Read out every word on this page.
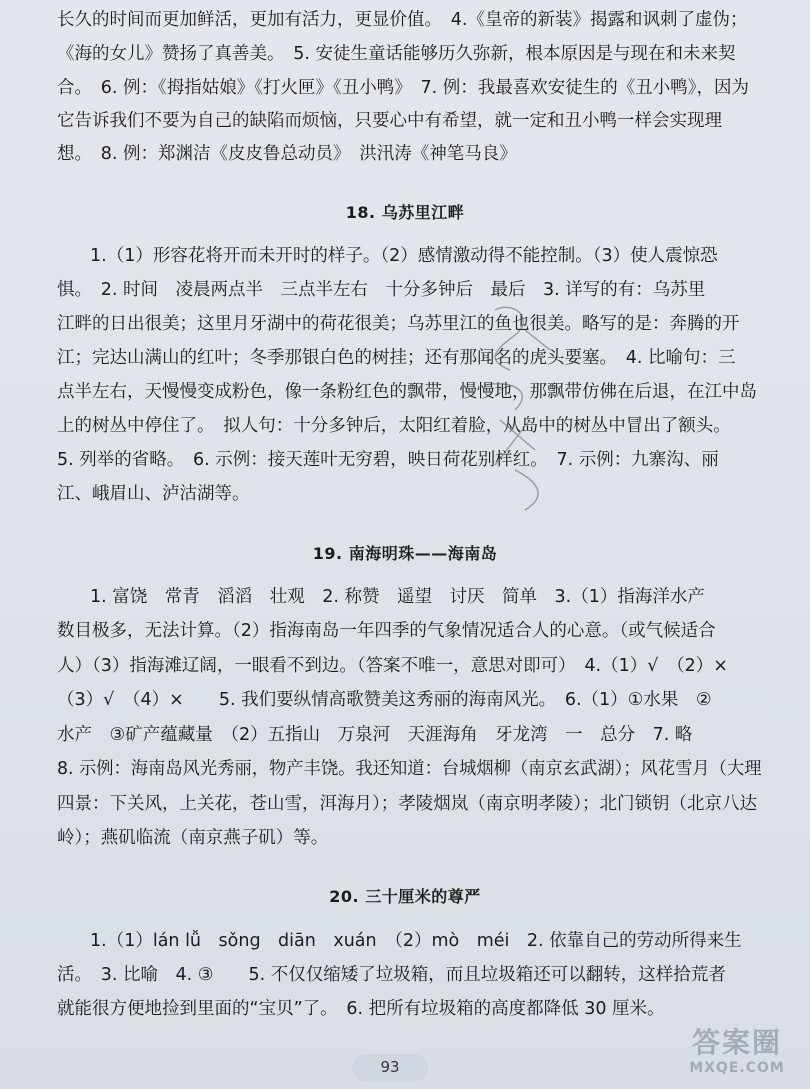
长久的时间而更加鲜活，更加有活力，更显价值。　4.《皇帝的新装》揭露和讽刺了虚伪；
《海的女儿》赞扬了真善美。　5. 安徒生童话能够历久弥新，根本原因是与现在和未来契
合。　6. 例：《拇指姑娘》《打火匣》《丑小鸭》　7. 例：我最喜欢安徒生的《丑小鸭》，因为
它告诉我们不要为自己的缺陷而烦恼，只要心中有希望，就一定和丑小鸭一样会实现理
想。　8. 例：郑渊洁《皮皮鲁总动员》　洪汛涛《神笔马良》
18. 乌苏里江畔
1.（1）形容花将开而未开时的样子。（2）感情激动得不能控制。（3）使人震惊恐
惧。　2. 时间　凌晨两点半　三点半左右　十分多钟后　最后　3. 详写的有：乌苏里
江畔的日出很美；这里月牙湖中的荷花很美；乌苏里江的鱼也很美。略写的是：奔腾的开
江；完达山满山的红叶；冬季那银白色的树挂；还有那闻名的虎头要塞。　4. 比喻句：三
点半左右，天慢慢变成粉色，像一条粉红色的飘带，慢慢地，那飘带仿佛在后退，在江中岛
上的树丛中停住了。　拟人句：十分多钟后，太阳红着脸，从岛中的树丛中冒出了额头。
5. 列举的省略。　6. 示例：接天莲叶无穷碧，映日荷花别样红。　7. 示例：九寨沟、丽
江、峨眉山、泸沽湖等。
19. 南海明珠——海南岛
1. 富饶　常青　滔滔　壮观　2. 称赞　遥望　讨厌　简单　3.（1）指海洋水产
数目极多，无法计算。（2）指海南岛一年四季的气象情况适合人的心意。（或气候适合
人）（3）指海滩辽阔，一眼看不到边。（答案不唯一，意思对即可）　4.（1）√　（2）×
（3）√　（4）×　　5. 我们要纵情高歌赞美这秀丽的海南风光。　6.（1）①水果　②
水产　③矿产蕴藏量　（2）五指山　万泉河　天涯海角　牙龙湾　一　总分　7. 略
8. 示例：海南岛风光秀丽，物产丰饶。我还知道：台城烟柳（南京玄武湖）；风花雪月（大理
四景：下关风，上关花，苍山雪，洱海月）；孝陵烟岚（南京明孝陵）；北门锁钥（北京八达
岭）；燕矶临流（南京燕子矶）等。
20. 三十厘米的尊严
1.（1）lán lǚ　sǒng　diān　xuán　（2）mò　méi　2. 依靠自己的劳动所得来生
活。　3. 比喻　4. ③　　5. 不仅仅缩矮了垃圾箱，而且垃圾箱还可以翻转，这样拾荒者
就能很方便地捡到里面的“宝贝”了。　6. 把所有垃圾箱的高度都降低 30 厘米。
93
答案圈
MXQE.COM
